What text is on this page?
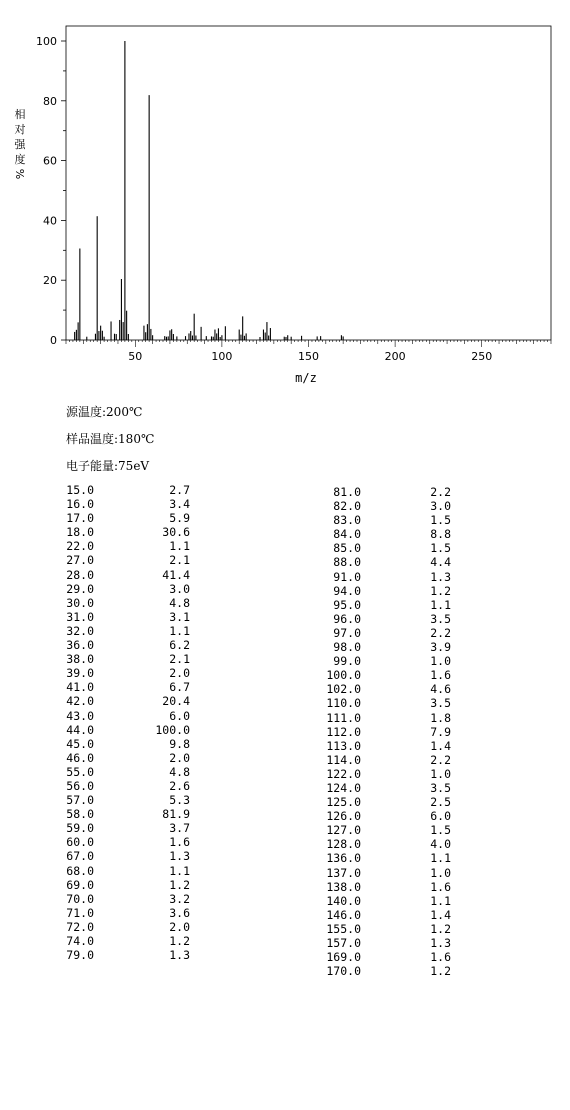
相
对
强
度
%
0
20
40
60
80
100
50	100	150	200	250
m/z
源温度:200℃
样品温度:180℃
电子能量:75eV
15.0	2.7
16.0	3.4
17.0	5.9
18.0	30.6
22.0	1.1
27.0	2.1
28.0	41.4
29.0	3.0
30.0	4.8
31.0	3.1
32.0	1.1
36.0	6.2
38.0	2.1
39.0	2.0
41.0	6.7
42.0	20.4
43.0	6.0
44.0	100.0
45.0	9.8
46.0	2.0
55.0	4.8
56.0	2.6
57.0	5.3
58.0	81.9
59.0	3.7
60.0	1.6
67.0	1.3
68.0	1.1
69.0	1.2
70.0	3.2
71.0	3.6
72.0	2.0
74.0	1.2
79.0	1.3
81.0	2.2
82.0	3.0
83.0	1.5
84.0	8.8
85.0	1.5
88.0	4.4
91.0	1.3
94.0	1.2
95.0	1.1
96.0	3.5
97.0	2.2
98.0	3.9
99.0	1.0
100.0	1.6
102.0	4.6
110.0	3.5
111.0	1.8
112.0	7.9
113.0	1.4
114.0	2.2
122.0	1.0
124.0	3.5
125.0	2.5
126.0	6.0
127.0	1.5
128.0	4.0
136.0	1.1
137.0	1.0
138.0	1.6
140.0	1.1
146.0	1.4
155.0	1.2
157.0	1.3
169.0	1.6
170.0	1.2
